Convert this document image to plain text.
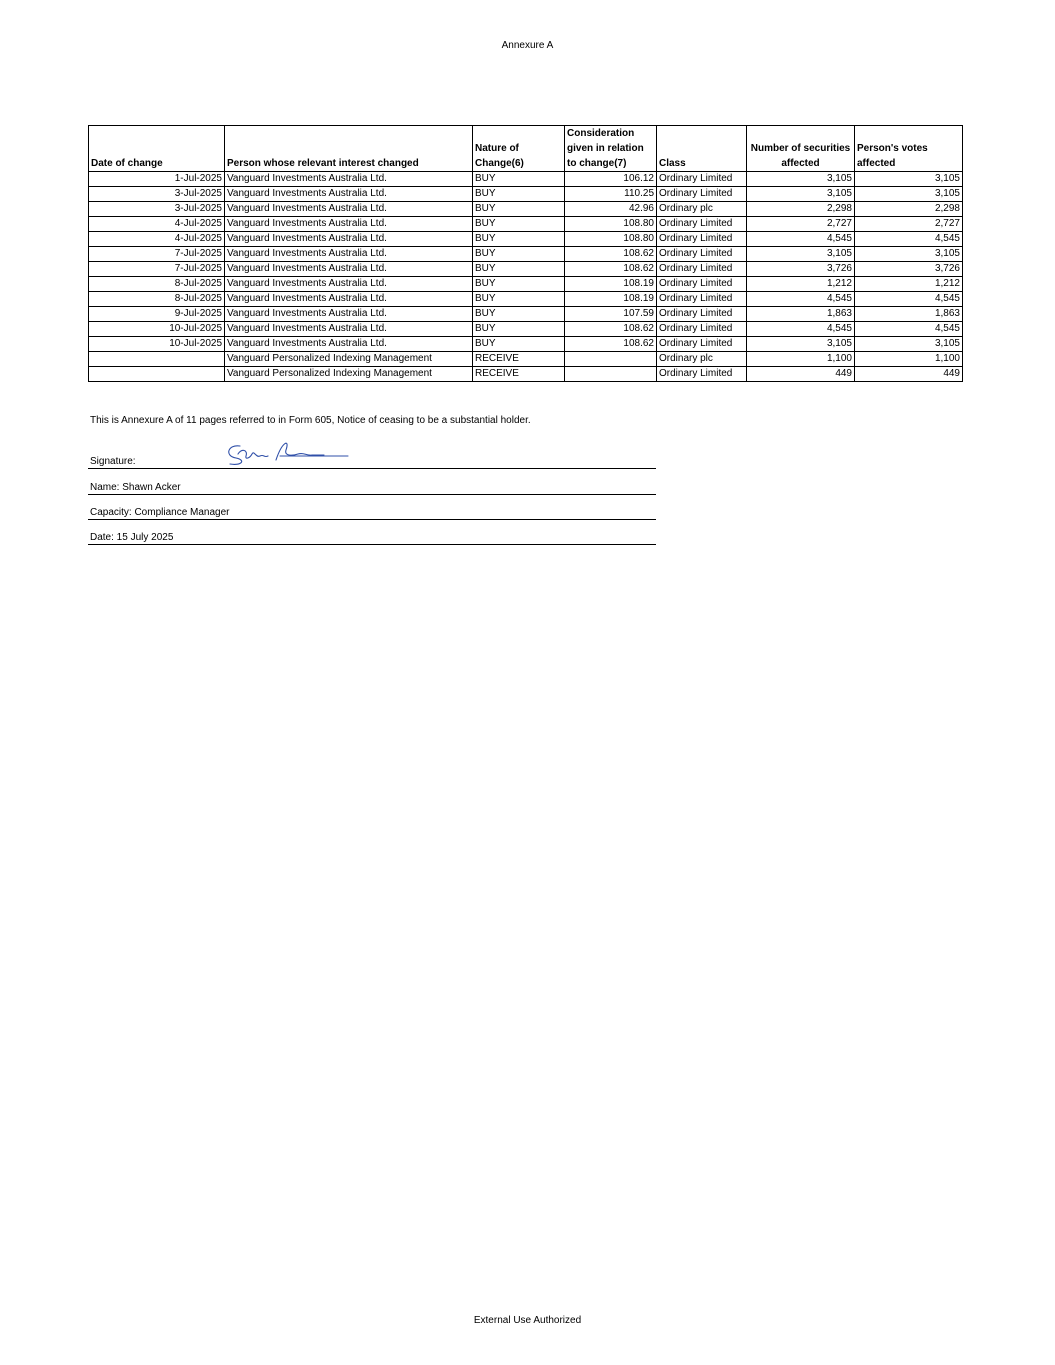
Annexure A
Date of change	Person whose relevant interest changed	Nature of Change(6)	Consideration given in relation to change(7)	Class	Number of securities affected	Person's votes affected
1-Jul-2025	Vanguard Investments Australia Ltd.	BUY	106.12	Ordinary Limited	3,105	3,105
3-Jul-2025	Vanguard Investments Australia Ltd.	BUY	110.25	Ordinary Limited	3,105	3,105
3-Jul-2025	Vanguard Investments Australia Ltd.	BUY	42.96	Ordinary plc	2,298	2,298
4-Jul-2025	Vanguard Investments Australia Ltd.	BUY	108.80	Ordinary Limited	2,727	2,727
4-Jul-2025	Vanguard Investments Australia Ltd.	BUY	108.80	Ordinary Limited	4,545	4,545
7-Jul-2025	Vanguard Investments Australia Ltd.	BUY	108.62	Ordinary Limited	3,105	3,105
7-Jul-2025	Vanguard Investments Australia Ltd.	BUY	108.62	Ordinary Limited	3,726	3,726
8-Jul-2025	Vanguard Investments Australia Ltd.	BUY	108.19	Ordinary Limited	1,212	1,212
8-Jul-2025	Vanguard Investments Australia Ltd.	BUY	108.19	Ordinary Limited	4,545	4,545
9-Jul-2025	Vanguard Investments Australia Ltd.	BUY	107.59	Ordinary Limited	1,863	1,863
10-Jul-2025	Vanguard Investments Australia Ltd.	BUY	108.62	Ordinary Limited	4,545	4,545
10-Jul-2025	Vanguard Investments Australia Ltd.	BUY	108.62	Ordinary Limited	3,105	3,105
	Vanguard Personalized Indexing Management	RECEIVE		Ordinary plc	1,100	1,100
	Vanguard Personalized Indexing Management	RECEIVE		Ordinary Limited	449	449
This is Annexure A of 11 pages referred to in Form 605, Notice of ceasing to be a substantial holder.
Signature:
Name: Shawn Acker
Capacity: Compliance Manager
Date: 15 July 2025
External Use Authorized
